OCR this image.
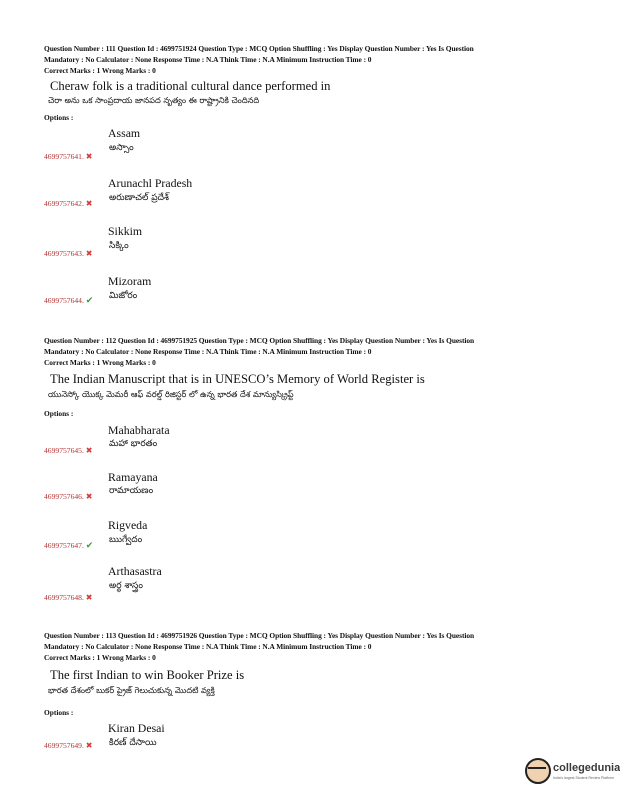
Question Number : 111 Question Id : 4699751924 Question Type : MCQ Option Shuffling : Yes Display Question Number : Yes Is Question
Mandatory : No Calculator : None Response Time : N.A Think Time : N.A Minimum Instruction Time : 0
Correct Marks : 1 Wrong Marks : 0
Cheraw folk is a traditional cultural dance performed in
చెరా అను ఒక సాంప్రదాయ జానపద నృత్యం ఈ రాష్ట్రానికి చెందినది
Options :
Assam
అస్సాం
4699757641. ✖
Arunachl Pradesh
అరుణాచల్ ప్రదేశ్
4699757642. ✖
Sikkim
సిక్కిం
4699757643. ✖
Mizoram
మిజోరం
4699757644. ✔
Question Number : 112 Question Id : 4699751925 Question Type : MCQ Option Shuffling : Yes Display Question Number : Yes Is Question
Mandatory : No Calculator : None Response Time : N.A Think Time : N.A Minimum Instruction Time : 0
Correct Marks : 1 Wrong Marks : 0
The Indian Manuscript that is in UNESCO’s Memory of World Register is
యునెస్కో యొక్క మెమరీ ఆఫ్ వరల్డ్ రిజిస్టర్ లో ఉన్న భారత దేశ మాన్యుస్క్రిప్ట్
Options :
Mahabharata
మహా భారతం
4699757645. ✖
Ramayana
రామాయణం
4699757646. ✖
Rigveda
ఋగ్వేదం
4699757647. ✔
Arthasastra
అర్థ శాస్త్రం
4699757648. ✖
Question Number : 113 Question Id : 4699751926 Question Type : MCQ Option Shuffling : Yes Display Question Number : Yes Is Question
Mandatory : No Calculator : None Response Time : N.A Think Time : N.A Minimum Instruction Time : 0
Correct Marks : 1 Wrong Marks : 0
The first Indian to win Booker Prize is
భారత దేశంలో బుకర్ ప్రైజ్ గెలుచుకున్న మొదటి వ్యక్తి
Options :
Kiran Desai
కిరణ్ దేసాయి
4699757649. ✖
collegedunia
India's largest Student Review Platform
